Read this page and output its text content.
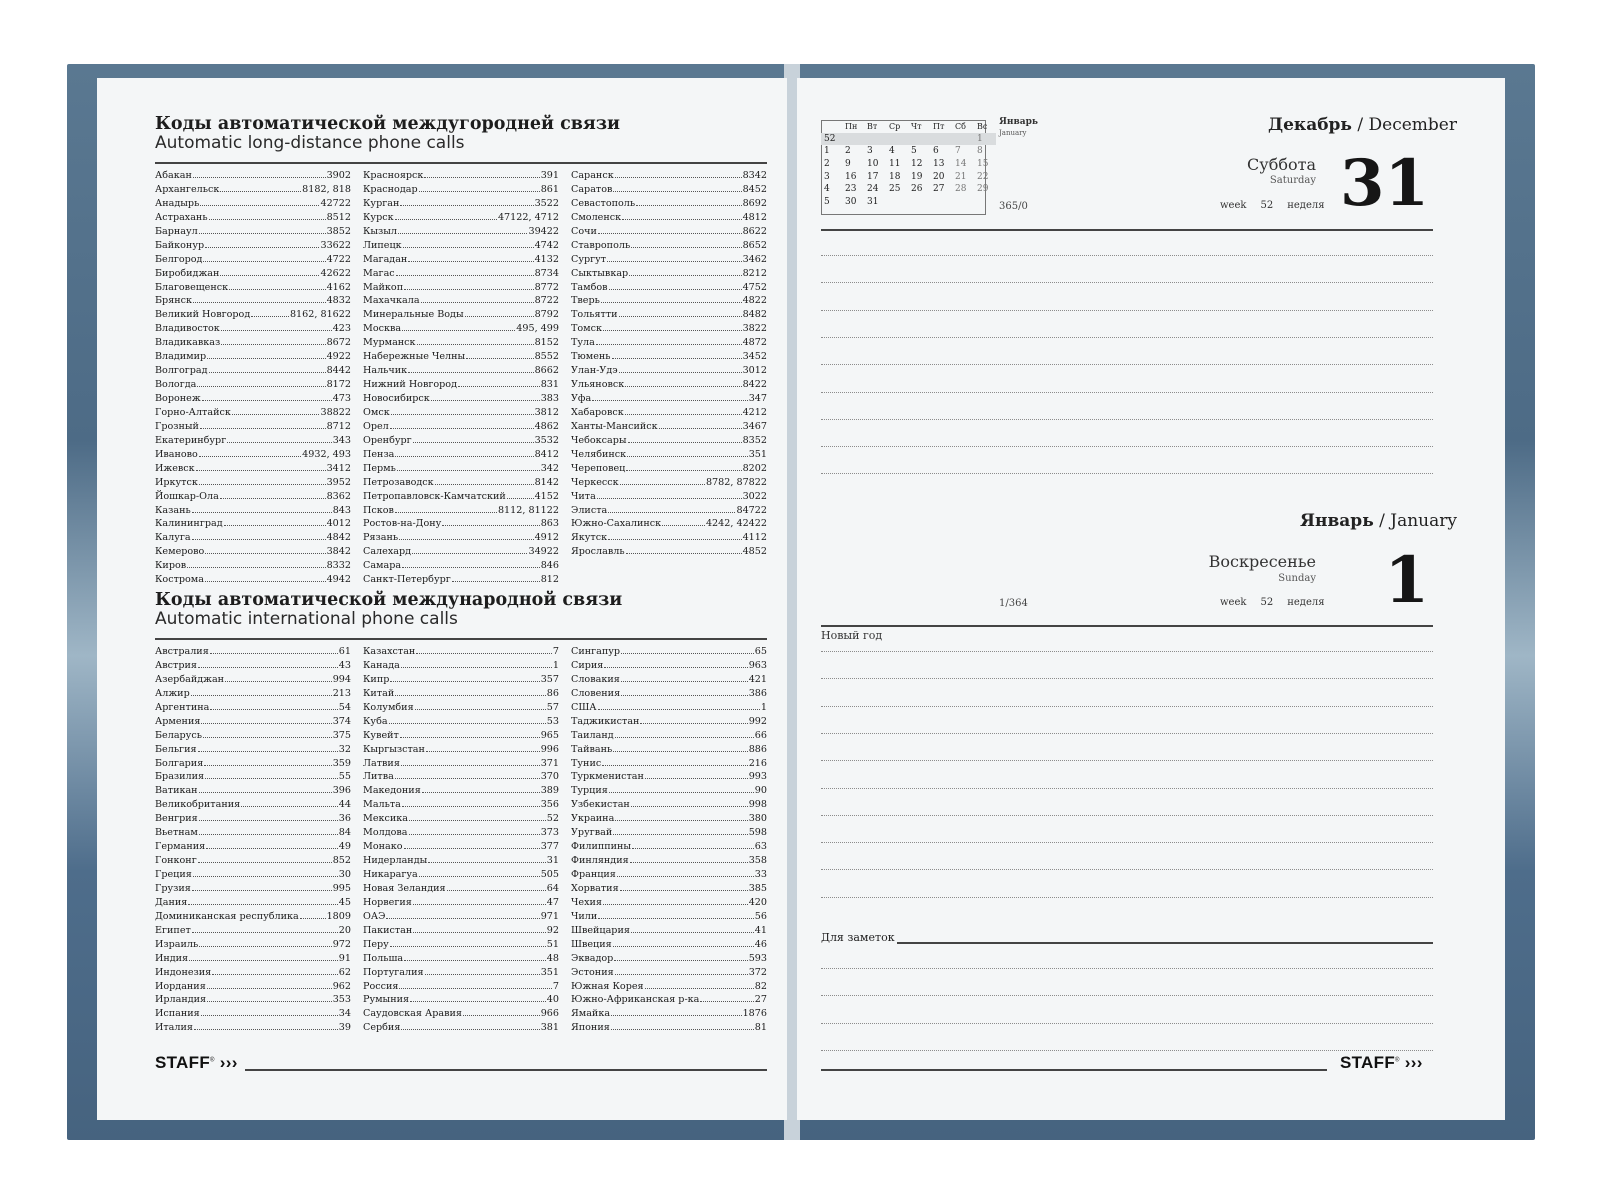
Коды автоматической междугородней связи
Automatic long-distance phone calls
Абакан	3902
Архангельск	8182, 818
Анадырь	42722
Астрахань	8512
Барнаул	3852
Байконур	33622
Белгород	4722
Биробиджан	42622
Благовещенск	4162
Брянск	4832
Великий Новгород	8162, 81622
Владивосток	423
Владикавказ	8672
Владимир	4922
Волгоград	8442
Вологда	8172
Воронеж	473
Горно-Алтайск	38822
Грозный	8712
Екатеринбург	343
Иваново	4932, 493
Ижевск	3412
Иркутск	3952
Йошкар-Ола	8362
Казань	843
Калининград	4012
Калуга	4842
Кемерово	3842
Киров	8332
Кострома	4942
Красноярск	391
Краснодар	861
Курган	3522
Курск	47122, 4712
Кызыл	39422
Липецк	4742
Магадан	4132
Магас	8734
Майкоп	8772
Махачкала	8722
Минеральные Воды	8792
Москва	495, 499
Мурманск	8152
Набережные Челны	8552
Нальчик	8662
Нижний Новгород	831
Новосибирск	383
Омск	3812
Орел	4862
Оренбург	3532
Пенза	8412
Пермь	342
Петрозаводск	8142
Петропавловск-Камчатский	4152
Псков	8112, 81122
Ростов-на-Дону	863
Рязань	4912
Салехард	34922
Самара	846
Санкт-Петербург	812
Саранск	8342
Саратов	8452
Севастополь	8692
Смоленск	4812
Сочи	8622
Ставрополь	8652
Сургут	3462
Сыктывкар	8212
Тамбов	4752
Тверь	4822
Тольятти	8482
Томск	3822
Тула	4872
Тюмень	3452
Улан-Удэ	3012
Ульяновск	8422
Уфа	347
Хабаровск	4212
Ханты-Мансийск	3467
Чебоксары	8352
Челябинск	351
Череповец	8202
Черкесск	8782, 87822
Чита	3022
Элиста	84722
Южно-Сахалинск	4242, 42422
Якутск	4112
Ярославль	4852
Коды автоматической международной связи
Automatic international phone calls
Австралия	61
Австрия	43
Азербайджан	994
Алжир	213
Аргентина	54
Армения	374
Беларусь	375
Бельгия	32
Болгария	359
Бразилия	55
Ватикан	396
Великобритания	44
Венгрия	36
Вьетнам	84
Германия	49
Гонконг	852
Греция	30
Грузия	995
Дания	45
Доминиканская республика	1809
Египет	20
Израиль	972
Индия	91
Индонезия	62
Иордания	962
Ирландия	353
Испания	34
Италия	39
Казахстан	7
Канада	1
Кипр	357
Китай	86
Колумбия	57
Куба	53
Кувейт	965
Кыргызстан	996
Латвия	371
Литва	370
Македония	389
Мальта	356
Мексика	52
Молдова	373
Монако	377
Нидерланды	31
Никарагуа	505
Новая Зеландия	64
Норвегия	47
ОАЭ	971
Пакистан	92
Перу	51
Польша	48
Португалия	351
Россия	7
Румыния	40
Саудовская Аравия	966
Сербия	381
Сингапур	65
Сирия	963
Словакия	421
Словения	386
США	1
Таджикистан	992
Таиланд	66
Тайвань	886
Тунис	216
Туркменистан	993
Турция	90
Узбекистан	998
Украина	380
Уругвай	598
Филиппины	63
Финляндия	358
Франция	33
Хорватия	385
Чехия	420
Чили	56
Швейцария	41
Швеция	46
Эквадор	593
Эстония	372
Южная Корея	82
Южно-Африканская р-ка	27
Ямайка	1876
Япония	81
STAFF® ›››
	Пн	Вт	Ср	Чт	Пт	Сб	Вс
52							1
1	2	3	4	5	6	7	8
2	9	10	11	12	13	14	15
3	16	17	18	19	20	21	22
4	23	24	25	26	27	28	29
5	30	31					
Январь
January	Декабрь / December
Суббота
Saturday 31
365/0	week 52 неделя
Январь / January
Воскресенье
Sunday	1
1/364	week 52 неделя
Новый год
Для заметок
STAFF® ›››
